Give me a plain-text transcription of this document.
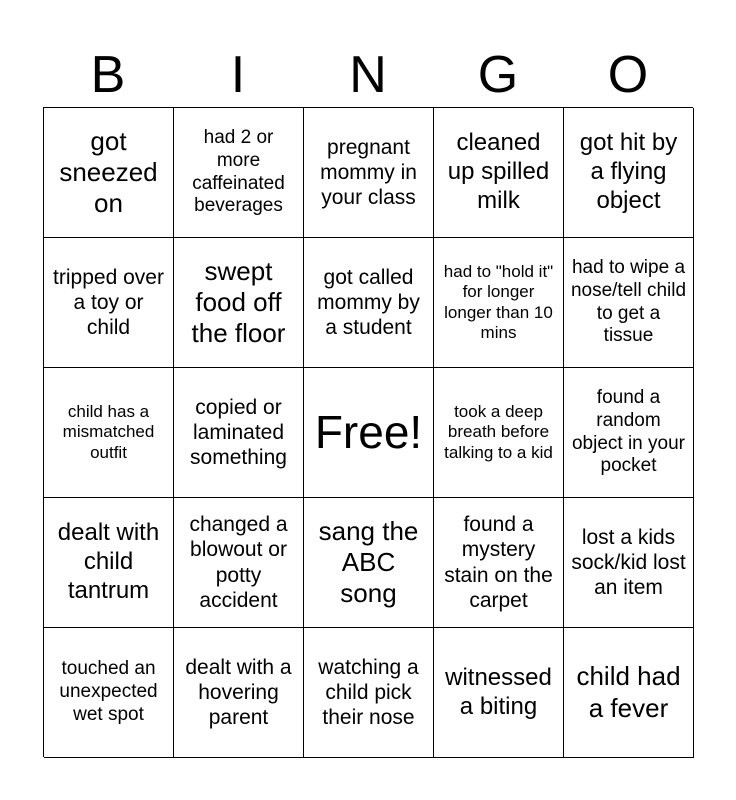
B	I	N	G	O
got sneezed on
had 2 or more caffeinated beverages
pregnant mommy in your class
cleaned up spilled milk
got hit by a flying object
tripped over a toy or child
swept food off the floor
got called mommy by a student
had to "hold it" for longer longer than 10 mins
had to wipe a nose/tell child to get a tissue
child has a mismatched outfit
copied or laminated something Free!	took a deep breath before talking to a kid
found a random object in your pocket
dealt with child tantrum
changed a blowout or potty accident
sang the ABC song
found a mystery stain on the carpet
lost a kids sock/kid lost an item
touched an unexpected wet spot
dealt with a hovering parent
watching a child pick their nose
witnessed a biting
child had a fever
